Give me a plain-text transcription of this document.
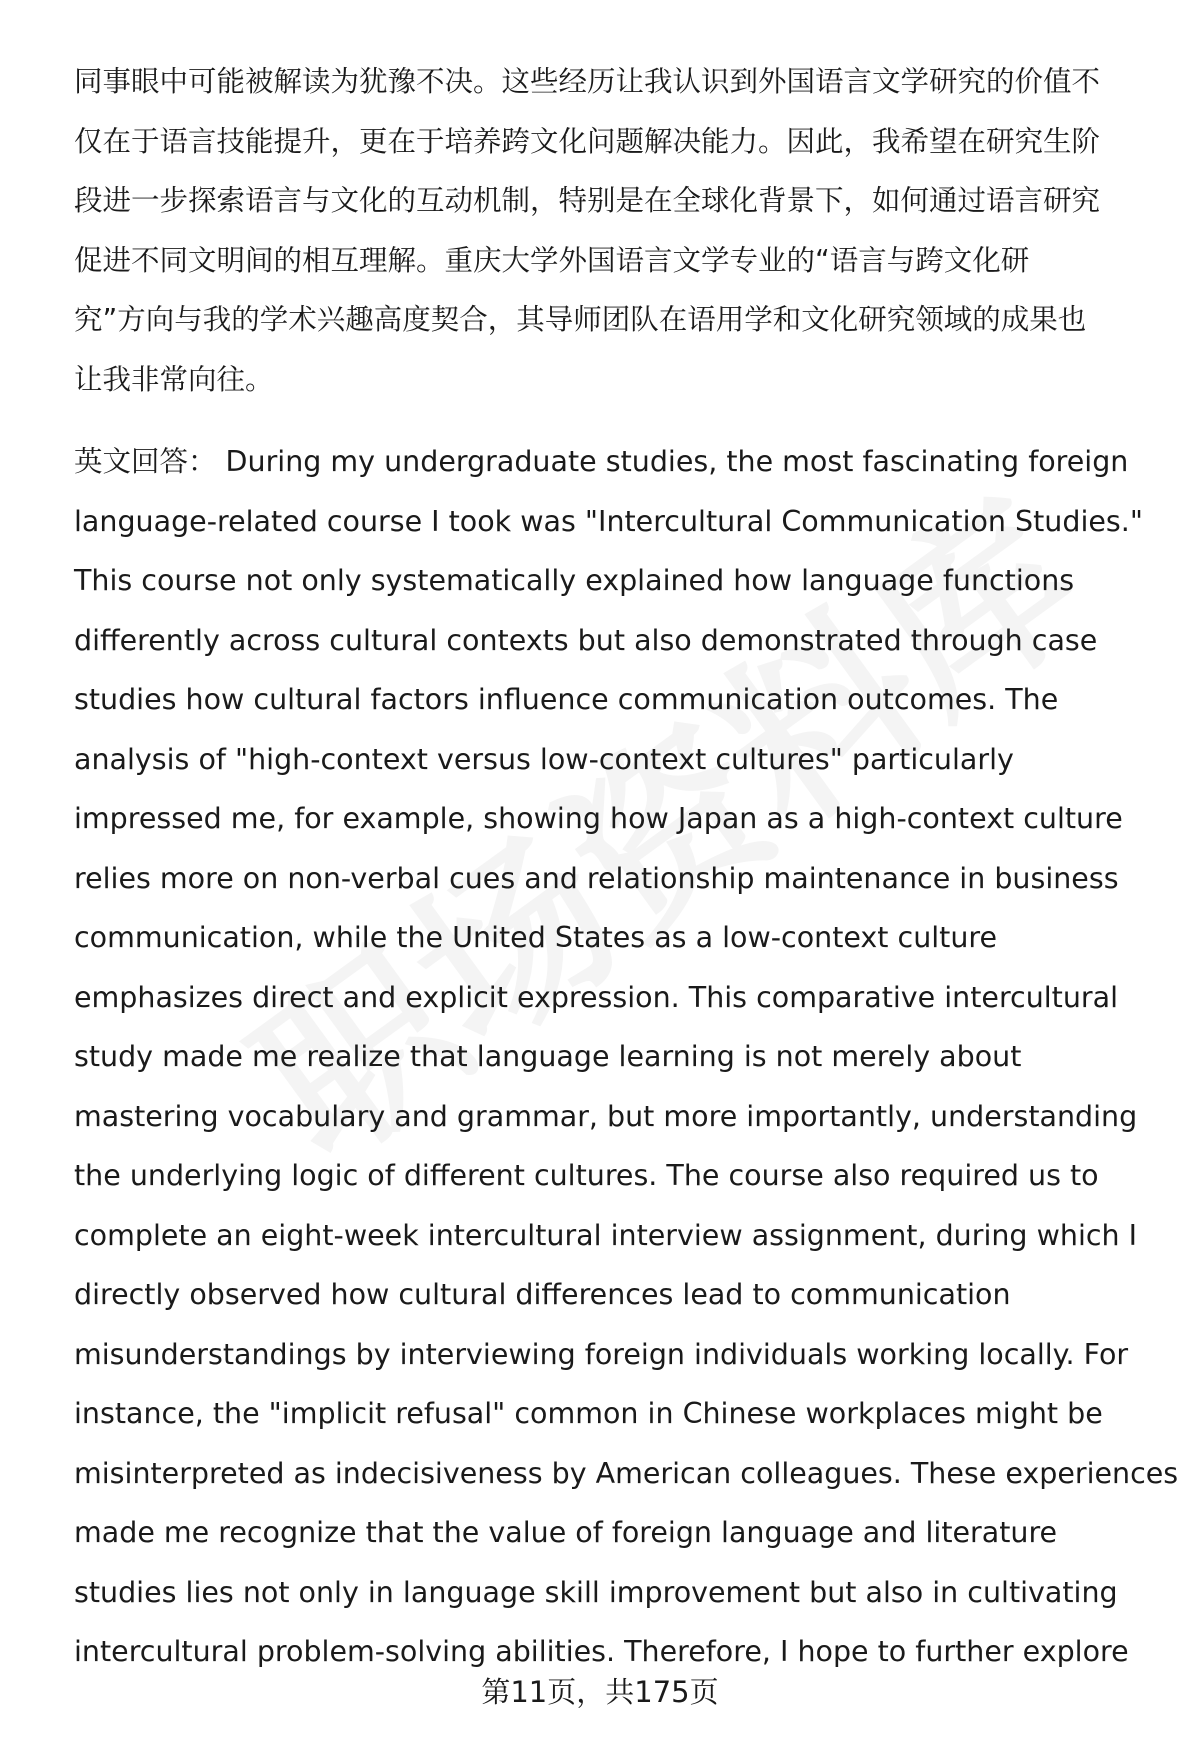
同事眼中可能被解读为犹豫不决。这些经历让我认识到外国语言文学研究的价值不
仅在于语言技能提升，更在于培养跨文化问题解决能力。因此，我希望在研究生阶
段进一步探索语言与文化的互动机制，特别是在全球化背景下，如何通过语言研究
促进不同文明间的相互理解。重庆大学外国语言文学专业的“语言与跨文化研
究”方向与我的学术兴趣高度契合，其导师团队在语用学和文化研究领域的成果也
让我非常向往。

英文回答： During my undergraduate studies, the most fascinating foreign
language-related course I took was "Intercultural Communication Studies."
This course not only systematically explained how language functions
differently across cultural contexts but also demonstrated through case
studies how cultural factors influence communication outcomes. The
analysis of "high-context versus low-context cultures" particularly
impressed me, for example, showing how Japan as a high-context culture
relies more on non-verbal cues and relationship maintenance in business
communication, while the United States as a low-context culture
emphasizes direct and explicit expression. This comparative intercultural
study made me realize that language learning is not merely about
mastering vocabulary and grammar, but more importantly, understanding
the underlying logic of different cultures. The course also required us to
complete an eight-week intercultural interview assignment, during which I
directly observed how cultural differences lead to communication
misunderstandings by interviewing foreign individuals working locally. For
instance, the "implicit refusal" common in Chinese workplaces might be
misinterpreted as indecisiveness by American colleagues. These experiences
made me recognize that the value of foreign language and literature
studies lies not only in language skill improvement but also in cultivating
intercultural problem-solving abilities. Therefore, I hope to further explore

第11页，共175页
